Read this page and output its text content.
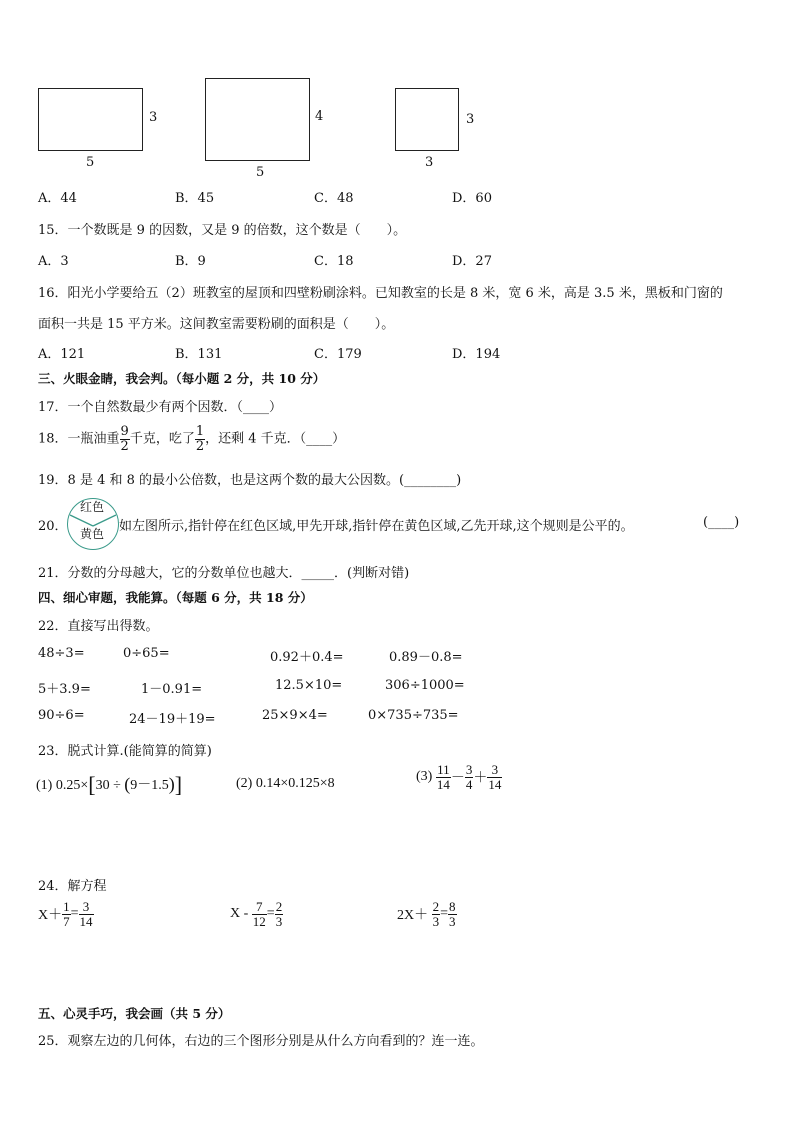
3
5
4
5
3
3
A．44	B．45	C．48	D．60
15．一个数既是 9 的因数，又是 9 的倍数，这个数是（　　）。
A．3	B．9	C．18	D．27
16．阳光小学要给五（2）班教室的屋顶和四壁粉刷涂料。已知教室的长是 8 米，宽 6 米，高是 3.5 米，黑板和门窗的
面积一共是 15 平方米。这间教室需要粉刷的面积是（　　）。
A．121	B．131	C．179	D．194
三、火眼金睛，我会判。（每小题 2 分，共 10 分）
17．一个自然数最少有两个因数．（____）
18．一瓶油重 $\frac{9}{2}$ 千克，吃了 $\frac{1}{2}$ ，还剩 4 千克．（____）
19．8 是 4 和 8 的最小公倍数，也是这两个数的最大公因数。(________)
20．
红色
黄色 如左图所示,指针停在红色区域,甲先开球,指针停在黄色区域,乙先开球,这个规则是公平的。	(____)
21．分数的分母越大，它的分数单位也越大．_____．(判断对错)
四、细心审题，我能算。（每题 6 分，共 18 分）
22．直接写出得数。
48÷3=	0÷65=	0.92＋0.4=	0.89－0.8=
5＋3.9=	1－0.91=	12.5×10=	306÷1000=
90÷6=	24－19＋19=	25×9×4=	0×735÷735=
23．脱式计算.(能简算的简算)
(1) 0.25×[30 ÷ (9－1.5)]	(2) 0.14×0.125×8	$(3) \frac{11}{14} - \frac{3}{4} + \frac{3}{14}$
24．解方程
$X+ \frac{1}{7} = \frac{3}{14}$	$X - \frac{7}{12} = \frac{2}{3}$	$2X+ \frac{2}{3} = \frac{8}{3}$
五、心灵手巧，我会画（共 5 分）
25．观察左边的几何体，右边的三个图形分别是从什么方向看到的？连一连。
